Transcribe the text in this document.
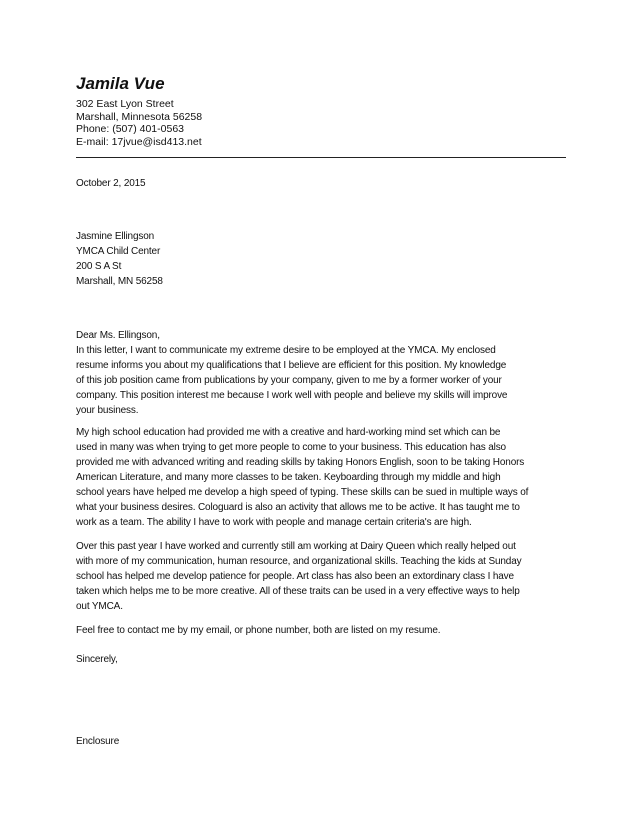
Jamila Vue
302 East Lyon Street
Marshall, Minnesota 56258
Phone: (507) 401-0563
E-mail: 17jvue@isd413.net
October 2, 2015
Jasmine Ellingson
YMCA Child Center
200 S A St
Marshall, MN 56258
Dear Ms. Ellingson,
In this letter, I want to communicate my extreme desire to be employed at the YMCA. My enclosed
resume informs you about my qualifications that I believe are efficient for this position. My knowledge
of this job position came from publications by your company, given to me by a former worker of your
company. This position interest me because I work well with people and believe my skills will improve
your business.
My high school education had provided me with a creative and hard-working mind set which can be
used in many was when trying to get more people to come to your business. This education has also
provided me with advanced writing and reading skills by taking Honors English, soon to be taking Honors
American Literature, and many more classes to be taken. Keyboarding through my middle and high
school years have helped me develop a high speed of typing. These skills can be sued in multiple ways of
what your business desires. Cologuard is also an activity that allows me to be active. It has taught me to
work as a team. The ability I have to work with people and manage certain criteria's are high.
Over this past year I have worked and currently still am working at Dairy Queen which really helped out
with more of my communication, human resource, and organizational skills. Teaching the kids at Sunday
school has helped me develop patience for people. Art class has also been an extordinary class I have
taken which helps me to be more creative. All of these traits can be used in a very effective ways to help
out YMCA.
Feel free to contact me by my email, or phone number, both are listed on my resume.
Sincerely,
Enclosure
